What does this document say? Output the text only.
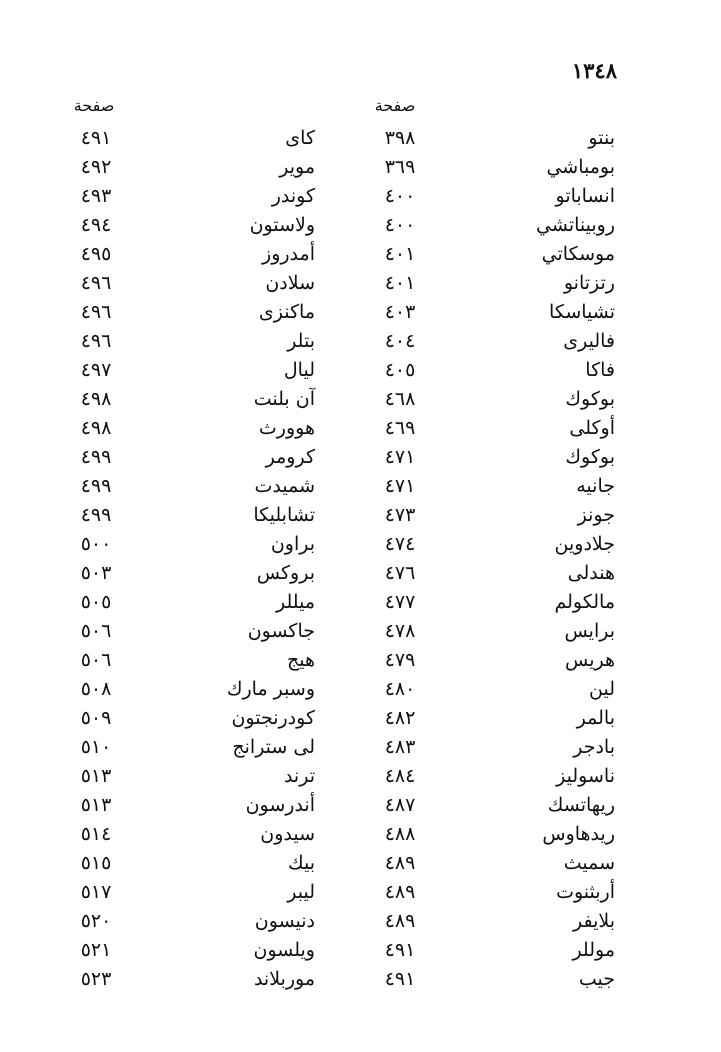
١٣٤٨
صفحة	صفحة
بنتو
٣٩٨
كاى
٤٩١
بومباشي
٣٦٩
موير
٤٩٢
انساباتو
٤٠٠
كوندر
٤٩٣
روبيناتشي
٤٠٠
ولاستون
٤٩٤
موسكاتي
٤٠١
أمدروز
٤٩٥
رتزتانو
٤٠١
سلادن
٤٩٦
تشياسكا
٤٠٣
ماكنزى
٤٩٦
فاليرى
٤٠٤
بتلر
٤٩٦
فاكا
٤٠٥
ليال
٤٩٧
بوكوك
٤٦٨
آن بلنت
٤٩٨
أوكلى
٤٦٩
هوورث
٤٩٨
بوكوك
٤٧١
كرومر
٤٩٩
جانيه
٤٧١
شميدت
٤٩٩
جونز
٤٧٣
تشابليكا
٤٩٩
جلادوين
٤٧٤
براون
٥٠٠
هندلى
٤٧٦
بروكس
٥٠٣
مالكولم
٤٧٧
ميللر
٥٠٥
برايس
٤٧٨
جاكسون
٥٠٦
هريس
٤٧٩
هيج
٥٠٦
لين
٤٨٠
وسبر مارك
٥٠٨
بالمر
٤٨٢
كودرنجتون
٥٠٩
بادجر
٤٨٣
لى سترانج
٥١٠
ناسوليز
٤٨٤
ترند
٥١٣
ريهاتسك
٤٨٧
أندرسون
٥١٣
ريدهاوس
٤٨٨
سيدون
٥١٤
سميث
٤٨٩
بيك
٥١٥
أربثنوت
٤٨٩
ليبر
٥١٧
بلايفر
٤٨٩
دنيسون
٥٢٠
موللر
٤٩١
ويلسون
٥٢١
جيب
٤٩١
موربلاند
٥٢٣
